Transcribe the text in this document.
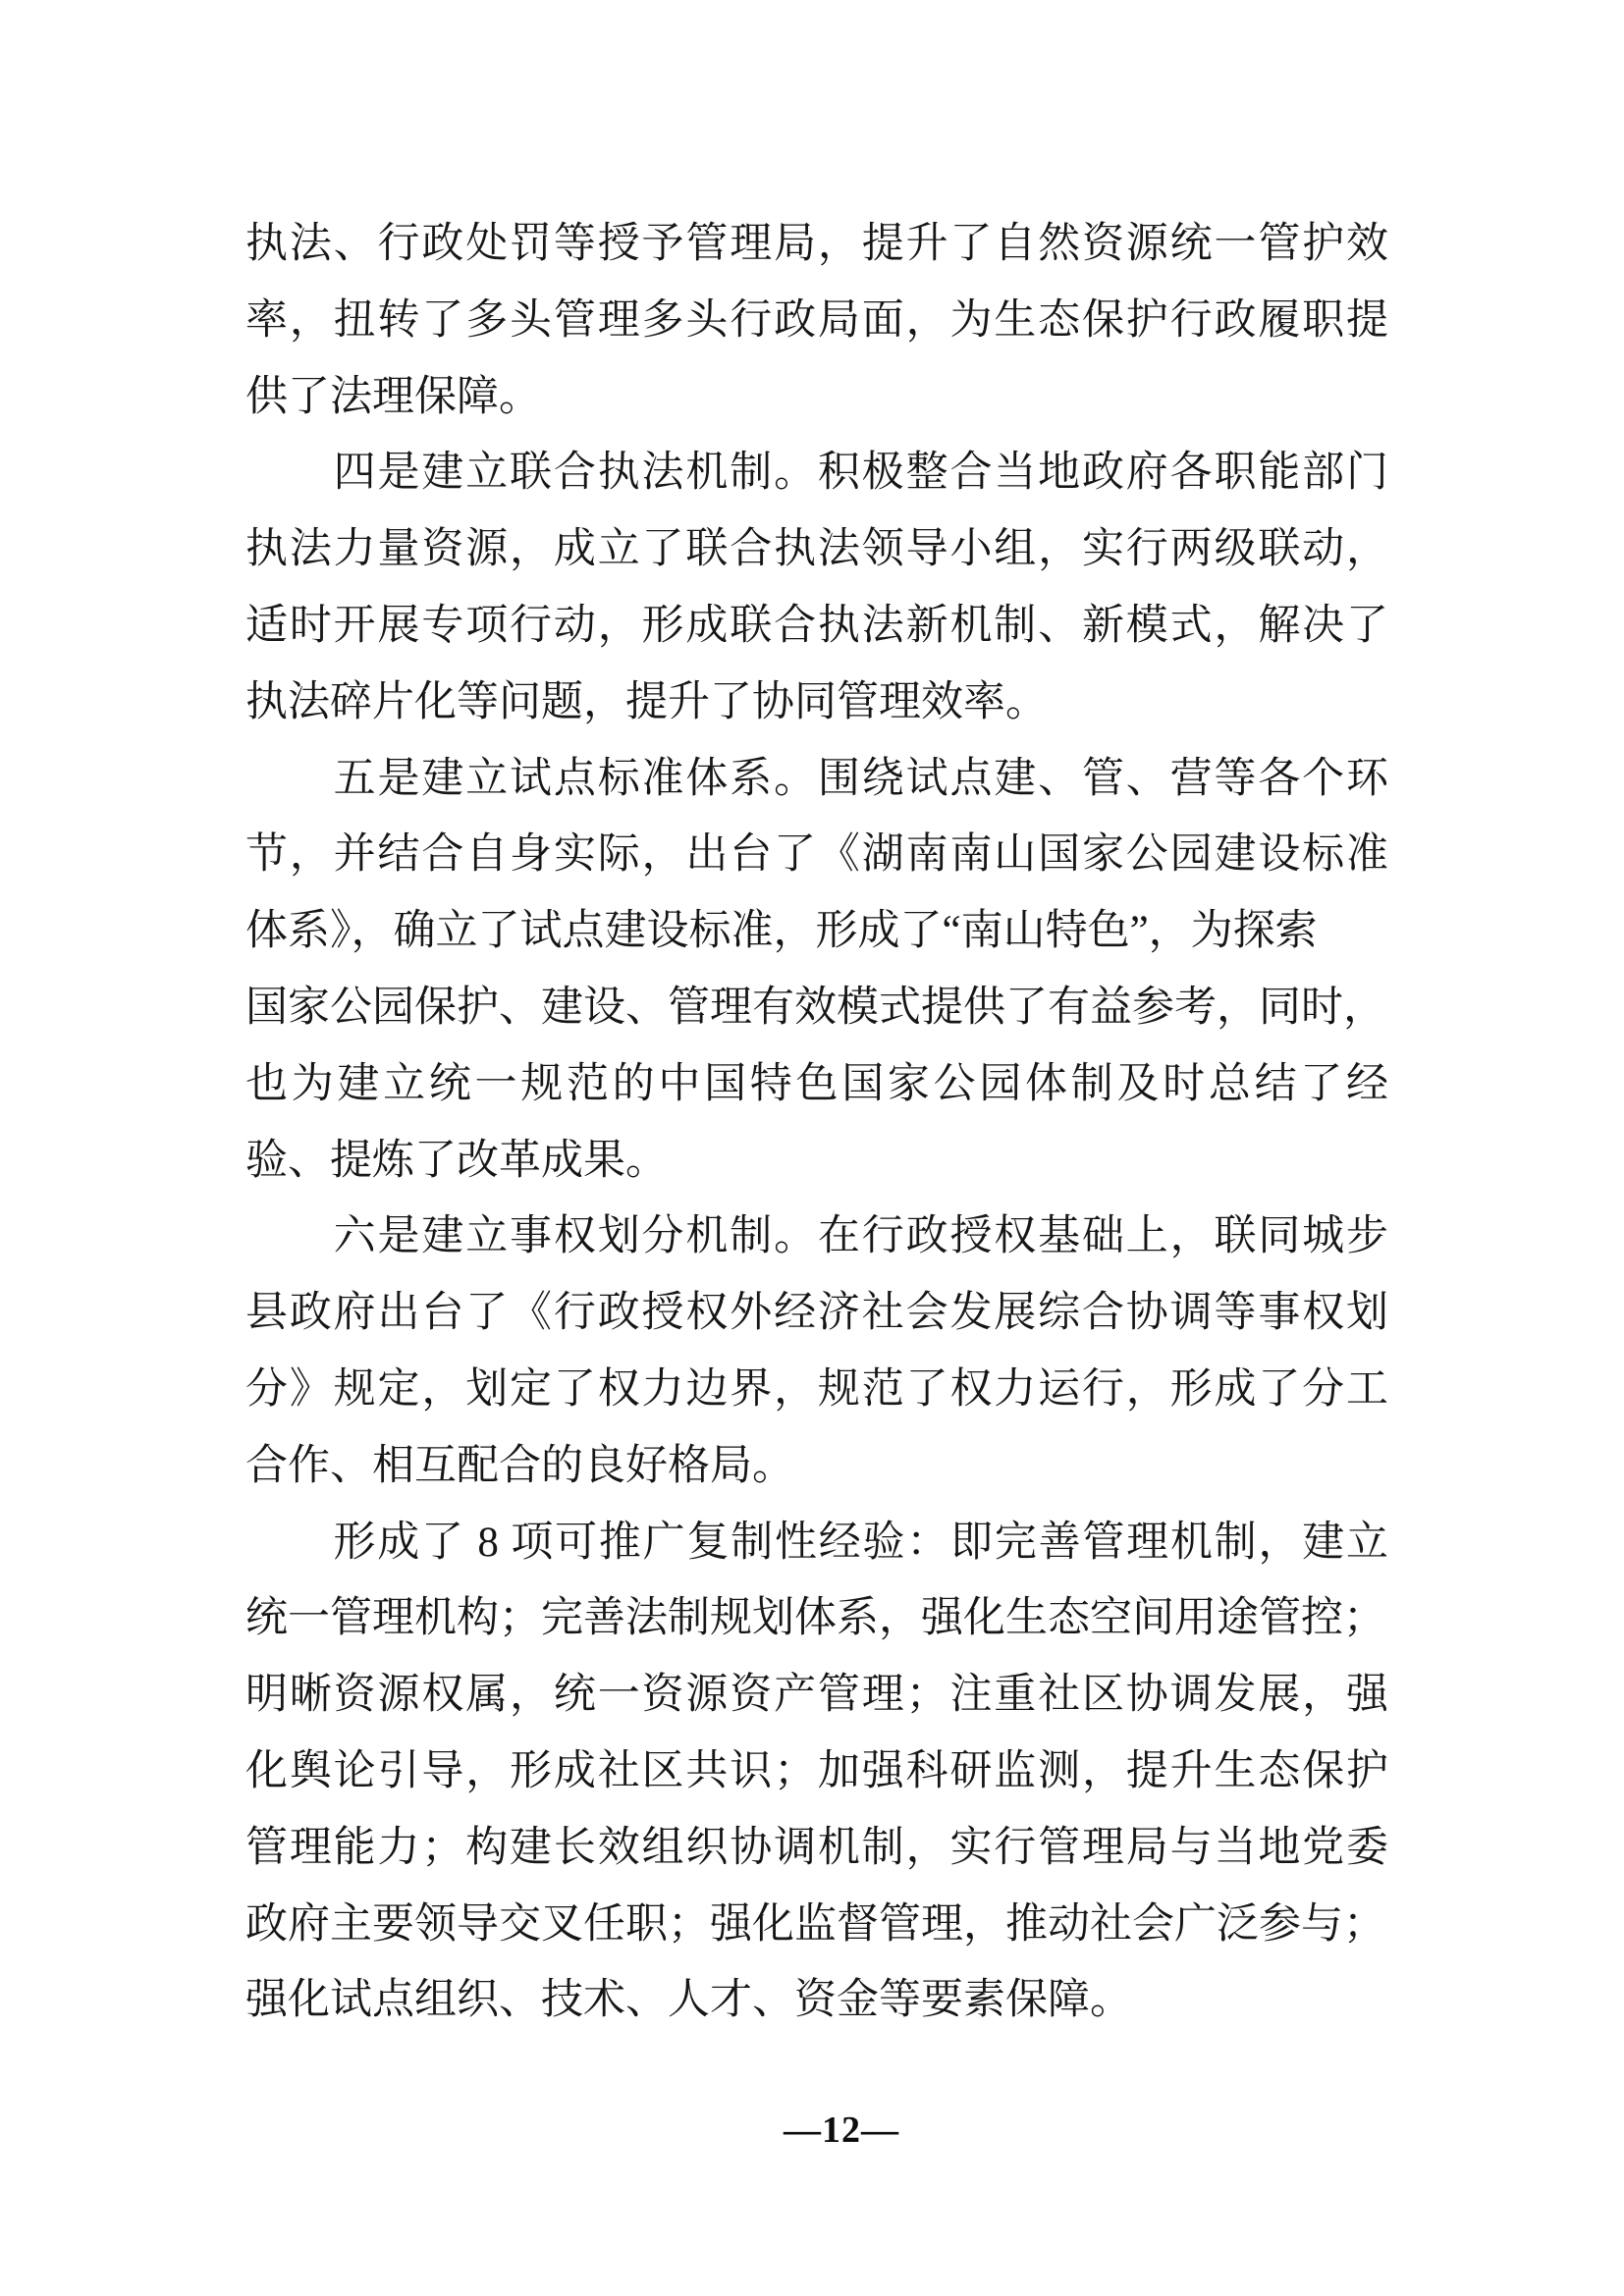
执法、行政处罚等授予管理局，提升了自然资源统一管护效
率，扭转了多头管理多头行政局面，为生态保护行政履职提
供了法理保障。
　　四是建立联合执法机制。积极整合当地政府各职能部门
执法力量资源，成立了联合执法领导小组，实行两级联动，
适时开展专项行动，形成联合执法新机制、新模式，解决了
执法碎片化等问题，提升了协同管理效率。
　　五是建立试点标准体系。围绕试点建、管、营等各个环
节，并结合自身实际，出台了《湖南南山国家公园建设标准
体系》，确立了试点建设标准，形成了“南山特色”，为探索
国家公园保护、建设、管理有效模式提供了有益参考，同时，
也为建立统一规范的中国特色国家公园体制及时总结了经
验、提炼了改革成果。
　　六是建立事权划分机制。在行政授权基础上，联同城步
县政府出台了《行政授权外经济社会发展综合协调等事权划
分》规定，划定了权力边界，规范了权力运行，形成了分工
合作、相互配合的良好格局。
　　形成了 8 项可推广复制性经验：即完善管理机制，建立
统一管理机构；完善法制规划体系，强化生态空间用途管控；
明晰资源权属，统一资源资产管理；注重社区协调发展，强
化舆论引导，形成社区共识；加强科研监测，提升生态保护
管理能力；构建长效组织协调机制，实行管理局与当地党委
政府主要领导交叉任职；强化监督管理，推动社会广泛参与；
强化试点组织、技术、人才、资金等要素保障。
—12—
